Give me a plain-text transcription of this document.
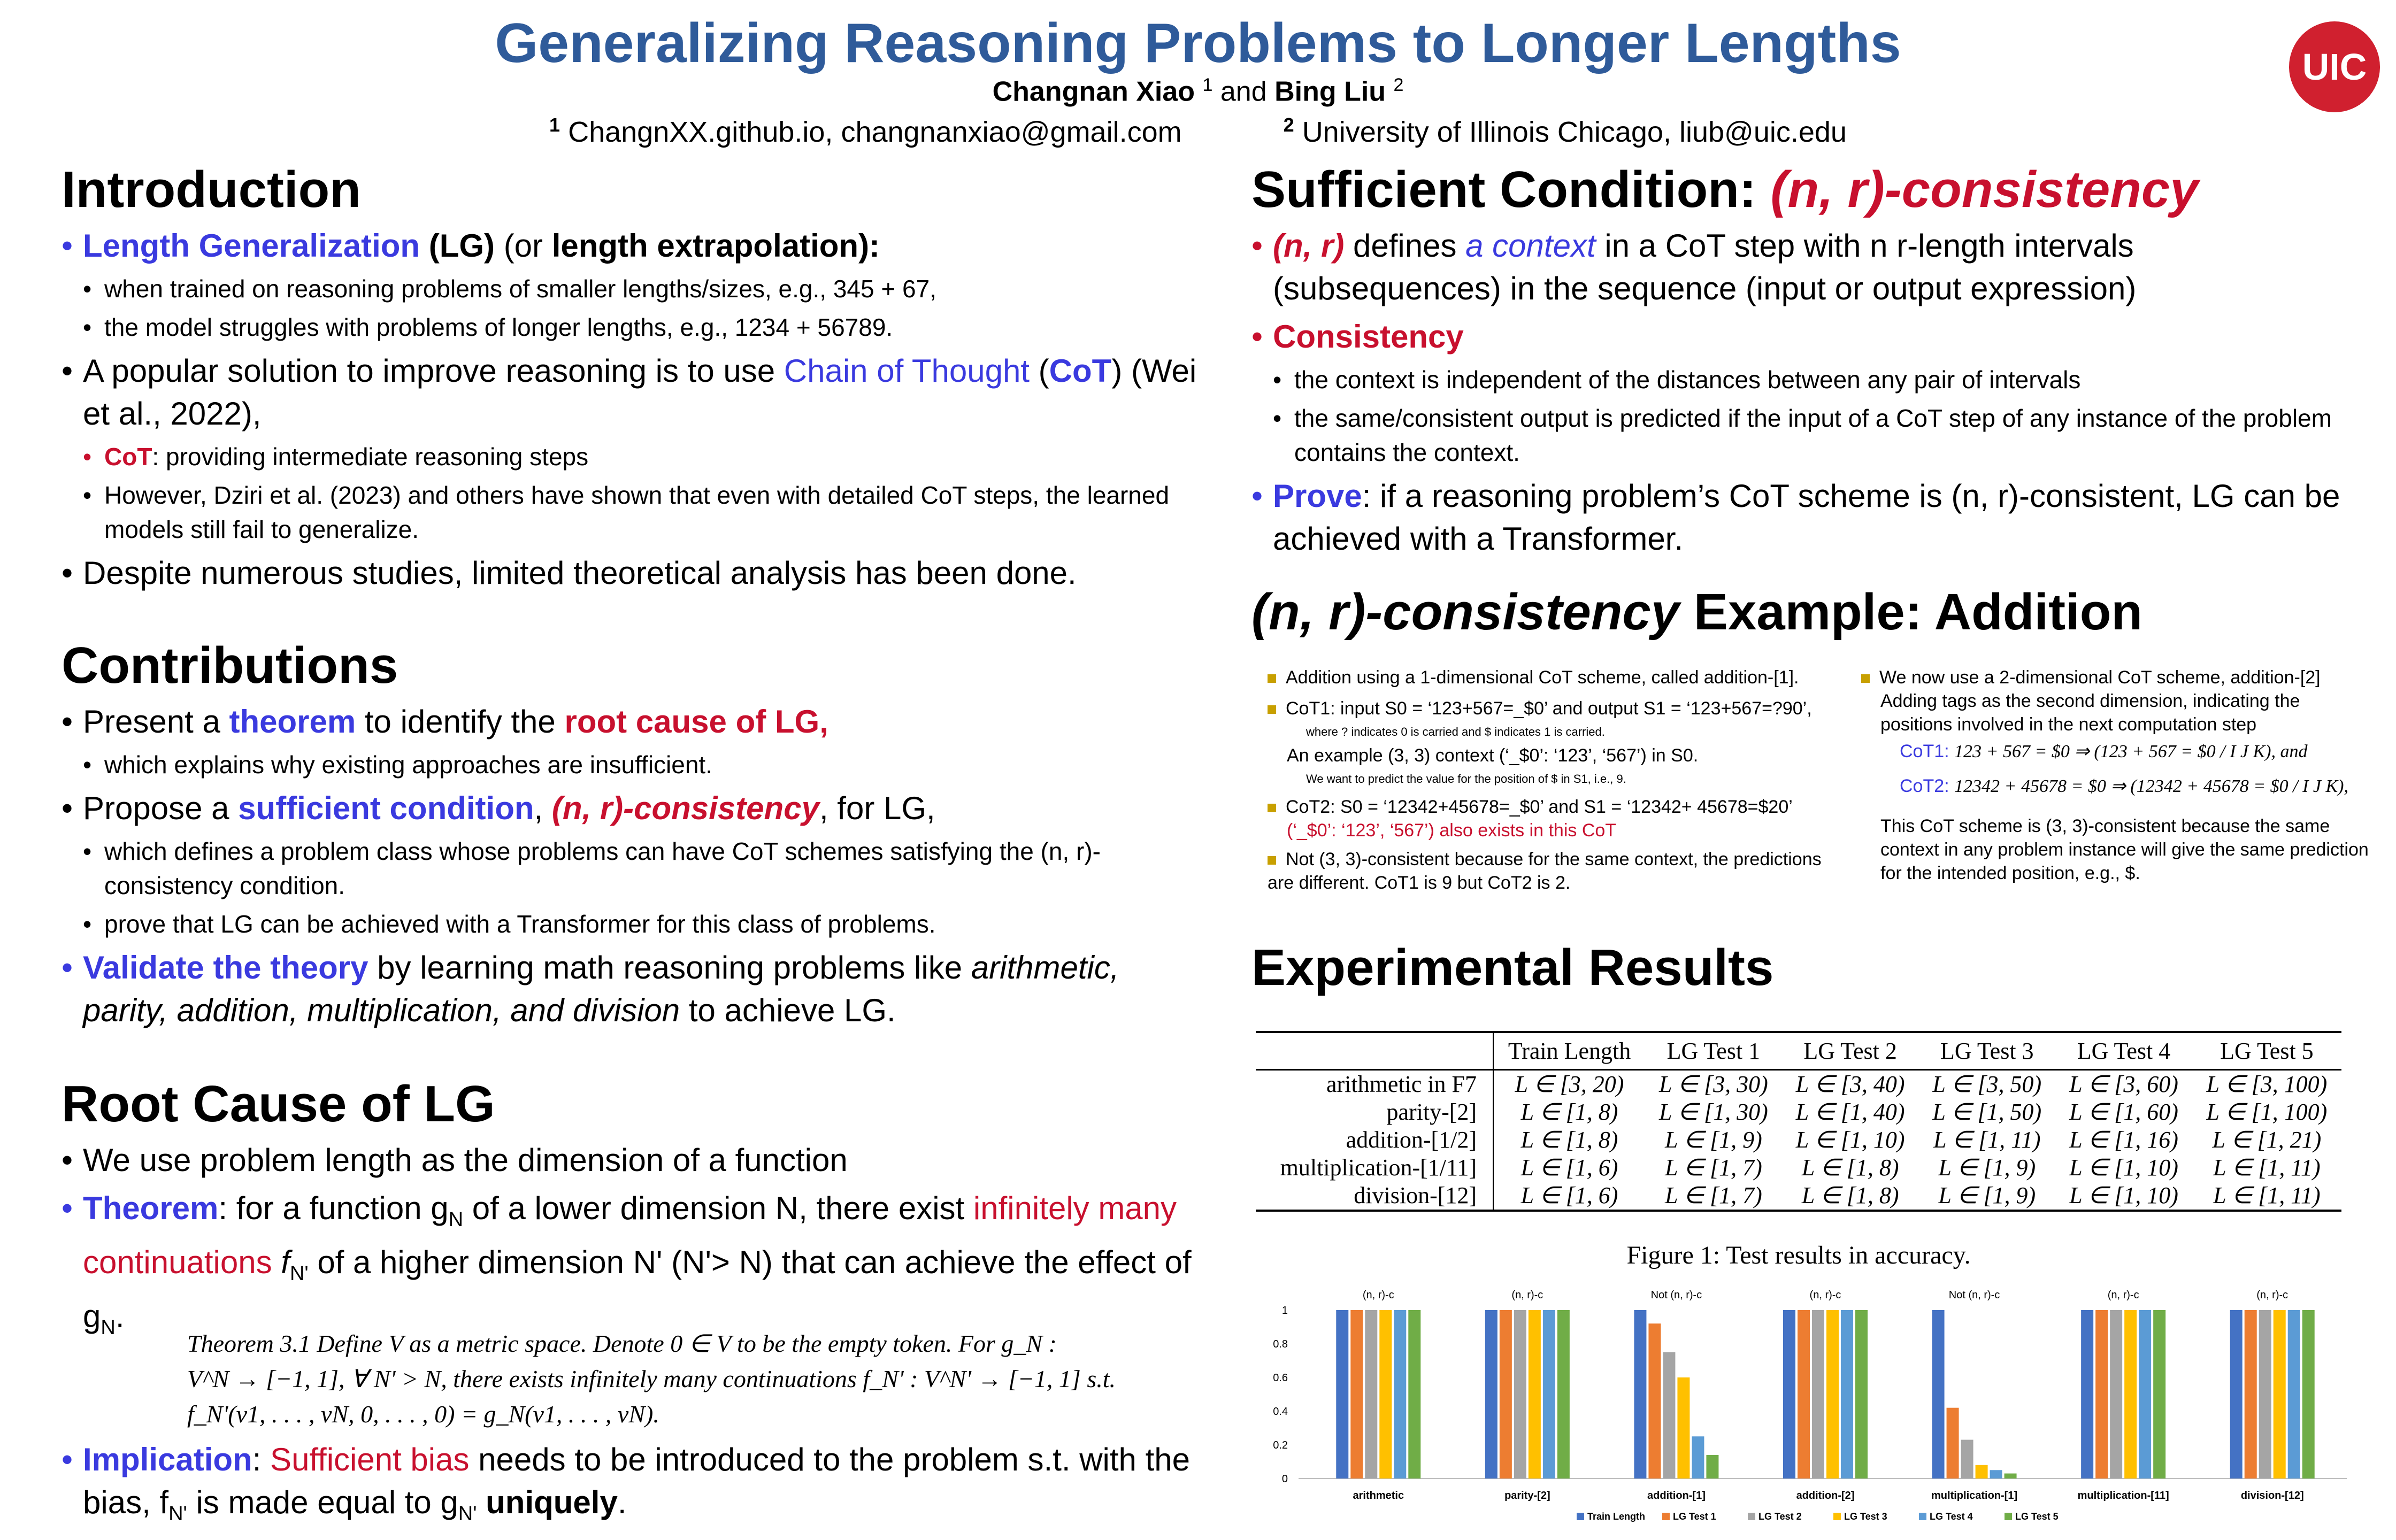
Generalizing Reasoning Problems to Longer Lengths
Changnan Xiao $^1$ and Bing Liu $^2$
$^1$ ChangnXX.github.io, changnanxiao@gmail.com	$^2$ University of Illinois Chicago, liub@uic.edu
UIC
Introduction
• Length Generalization (LG) (or length extrapolation):
• when trained on reasoning problems of smaller lengths/sizes, e.g., 345 + 67,
• the model struggles with problems of longer lengths, e.g., 1234 + 56789.
• A popular solution to improve reasoning is to use Chain of Thought (CoT) (Wei et al., 2022),
• CoT: providing intermediate reasoning steps
• However, Dziri et al. (2023) and others have shown that even with detailed CoT steps, the learned models still fail to generalize.
• Despite numerous studies, limited theoretical analysis has been done.
Contributions
• Present a theorem to identify the root cause of LG,
• which explains why existing approaches are insufficient.
• Propose a sufficient condition, (n, r)-consistency, for LG,
• which defines a problem class whose problems can have CoT schemes satisfying the (n, r)-consistency condition.
• prove that LG can be achieved with a Transformer for this class of problems.
• Validate the theory by learning math reasoning problems like arithmetic, parity, addition, multiplication, and division to achieve LG.
Root Cause of LG
• We use problem length as the dimension of a function
• Theorem: for a function $g_N$ of a lower dimension N, there exist infinitely many continuations $f_{N'}$ of a higher dimension N' (N'> N) that can achieve the effect of $g_N$.
Theorem 3.1 Define V as a metric space. Denote 0 ∈ V to be the empty token. For g_N :
V^N → [−1, 1], ∀ N' > N, there exists infinitely many continuations f_N' : V^N' → [−1, 1] s.t.
f_N'(v1, . . . , vN, 0, . . . , 0) = g_N(v1, . . . , vN).
• Implication: Sufficient bias needs to be introduced to the problem s.t. with the bias, $f_{N'}$ is made equal to $g_{N'}$ uniquely.
Sufficient Condition: (n, r)-consistency
• (n, r) defines a context in a CoT step with n r-length intervals (subsequences) in the sequence (input or output expression)
• Consistency
• the context is independent of the distances between any pair of intervals
• the same/consistent output is predicted if the input of a CoT step of any instance of the problem contains the context.
• Prove: if a reasoning problem’s CoT scheme is (n, r)-consistent, LG can be achieved with a Transformer.
(n, r)-consistency Example: Addition
Addition using a 1-dimensional CoT scheme, called addition-[1].
CoT1: input S0 = ‘123+567=_$0’ and output S1 = ‘123+567=?90’,
where ? indicates 0 is carried and $ indicates 1 is carried.
An example (3, 3) context (‘_$0’: ‘123’, ‘567’) in S0.
We want to predict the value for the position of $ in S1, i.e., 9.
CoT2: S0 = ‘12342+45678=_$0’ and S1 = ‘12342+ 45678=$20’
(‘_$0’: ‘123’, ‘567’) also exists in this CoT
Not (3, 3)-consistent because for the same context, the predictions are different. CoT1 is 9 but CoT2 is 2.
We now use a 2-dimensional CoT scheme, addition-[2]
Adding tags as the second dimension, indicating the positions involved in the next computation step
CoT1: 123 + 567 = $0 ⇒ (123 + 567 = $0 / I J K), and
CoT2: 12342 + 45678 = $0 ⇒ (12342 + 45678 = $0 / I J K),
This CoT scheme is (3, 3)-consistent because the same context in any problem instance will give the same prediction for the intended position, e.g., $.
Experimental Results
	Train Length	LG Test 1	LG Test 2	LG Test 3	LG Test 4	LG Test 5
arithmetic in F7	L ∈ [3, 20)	L ∈ [3, 30)	L ∈ [3, 40)	L ∈ [3, 50)	L ∈ [3, 60)	L ∈ [3, 100)
parity-[2]	L ∈ [1, 8)	L ∈ [1, 30)	L ∈ [1, 40)	L ∈ [1, 50)	L ∈ [1, 60)	L ∈ [1, 100)
addition-[1/2]	L ∈ [1, 8)	L ∈ [1, 9)	L ∈ [1, 10)	L ∈ [1, 11)	L ∈ [1, 16)	L ∈ [1, 21)
multiplication-[1/11]	L ∈ [1, 6)	L ∈ [1, 7)	L ∈ [1, 8)	L ∈ [1, 9)	L ∈ [1, 10)	L ∈ [1, 11)
division-[12]	L ∈ [1, 6)	L ∈ [1, 7)	L ∈ [1, 8)	L ∈ [1, 9)	L ∈ [1, 10)	L ∈ [1, 11)
Figure 1: Test results in accuracy.
0
0.2
0.4
0.6
0.8
1
arithmetic
(n, r)-c
parity-[2]
(n, r)-c
addition-[1]
Not (n, r)-c
addition-[2]
(n, r)-c
multiplication-[1]
Not (n, r)-c
multiplication-[11]
(n, r)-c
division-[12]
(n, r)-c
Train Length	LG Test 1	LG Test 2	LG Test 3	LG Test 4	LG Test 5
